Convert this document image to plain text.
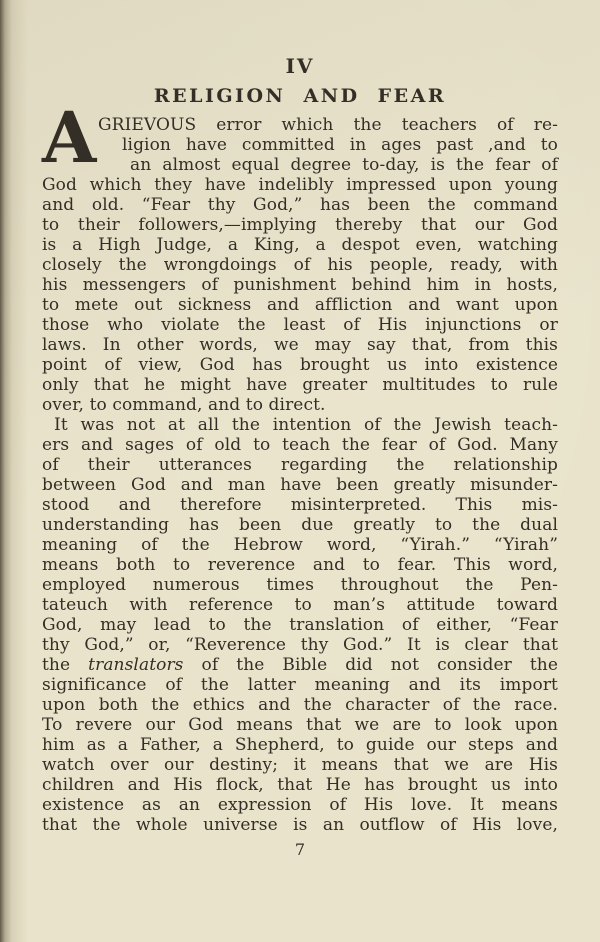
IV
RELIGION AND FEAR
A GRIEVOUS error which the teachers of re-
ligion have committed in ages past ,and to
an almost equal degree to-day, is the fear of
God which they have indelibly impressed upon young
and old. “Fear thy God,” has been the command
to their followers,—implying thereby that our God
is a High Judge, a King, a despot even, watching
closely the wrongdoings of his people, ready, with
his messengers of punishment behind him in hosts,
to mete out sickness and affliction and want upon
those who violate the least of His injunctions or
laws. In other words, we may say that, from this
point of view, God has brought us into existence
only that he might have greater multitudes to rule
over, to command, and to direct.
It was not at all the intention of the Jewish teach-
ers and sages of old to teach the fear of God. Many
of their utterances regarding the relationship
between God and man have been greatly misunder-
stood and therefore misinterpreted. This mis-
understanding has been due greatly to the dual
meaning of the Hebrow word, “Yirah.” “Yirah”
means both to reverence and to fear. This word,
employed numerous times throughout the Pen-
tateuch with reference to man’s attitude toward
God, may lead to the translation of either, “Fear
thy God,” or, “Reverence thy God.” It is clear that
the translators of the Bible did not consider the
significance of the latter meaning and its import
upon both the ethics and the character of the race.
To revere our God means that we are to look upon
him as a Father, a Shepherd, to guide our steps and
watch over our destiny; it means that we are His
children and His flock, that He has brought us into
existence as an expression of His love. It means
that the whole universe is an outflow of His love,
7
